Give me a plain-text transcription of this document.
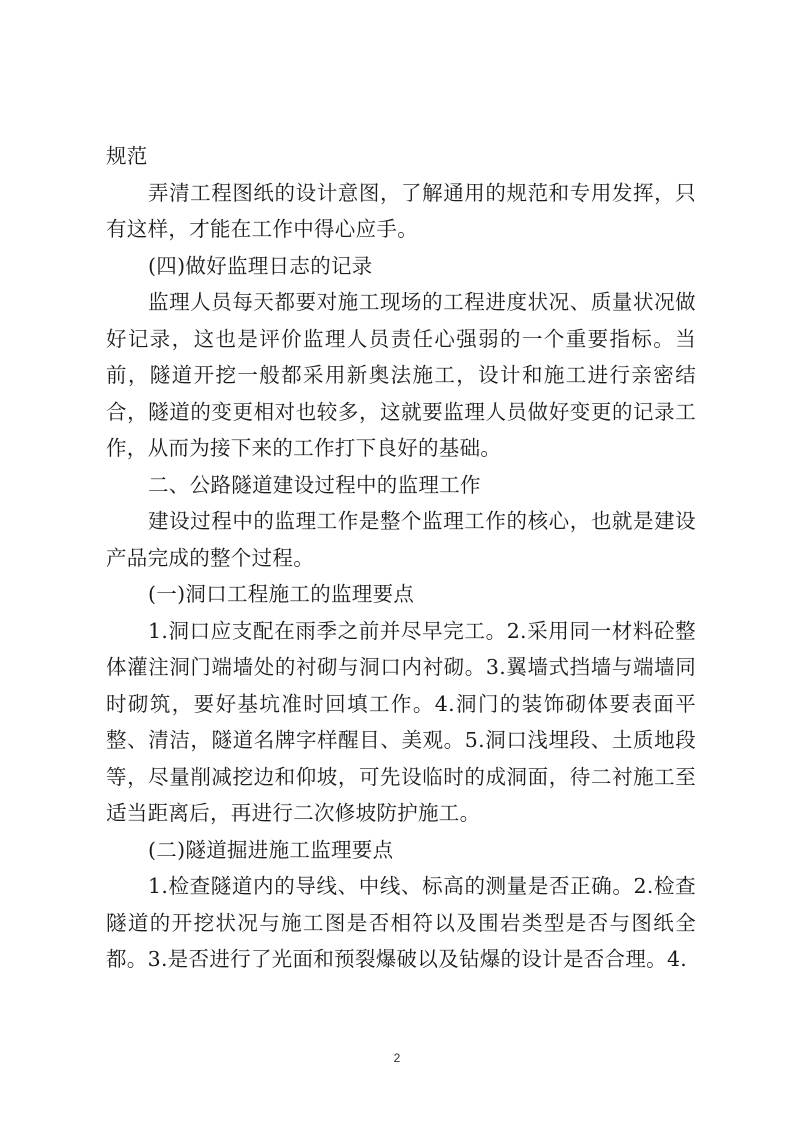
规范

弄清工程图纸的设计意图，了解通用的规范和专用发挥，只有这样，才能在工作中得心应手。

(四)做好监理日志的记录

监理人员每天都要对施工现场的工程进度状况、质量状况做好记录，这也是评价监理人员责任心强弱的一个重要指标。当前，隧道开挖一般都采用新奥法施工，设计和施工进行亲密结合，隧道的变更相对也较多，这就要监理人员做好变更的记录工作，从而为接下来的工作打下良好的基础。

二、公路隧道建设过程中的监理工作

建设过程中的监理工作是整个监理工作的核心，也就是建设产品完成的整个过程。

(一)洞口工程施工的监理要点

1.洞口应支配在雨季之前并尽早完工。2.采用同一材料砼整体灌注洞门端墙处的衬砌与洞口内衬砌。3.翼墙式挡墙与端墙同时砌筑，要好基坑准时回填工作。4.洞门的装饰砌体要表面平整、清洁，隧道名牌字样醒目、美观。5.洞口浅埋段、土质地段等，尽量削减挖边和仰坡，可先设临时的成洞面，待二衬施工至适当距离后，再进行二次修坡防护施工。

(二)隧道掘进施工监理要点

1.检查隧道内的导线、中线、标高的测量是否正确。2.检查隧道的开挖状况与施工图是否相符以及围岩类型是否与图纸全都。3.是否进行了光面和预裂爆破以及钻爆的设计是否合理。4.

2
